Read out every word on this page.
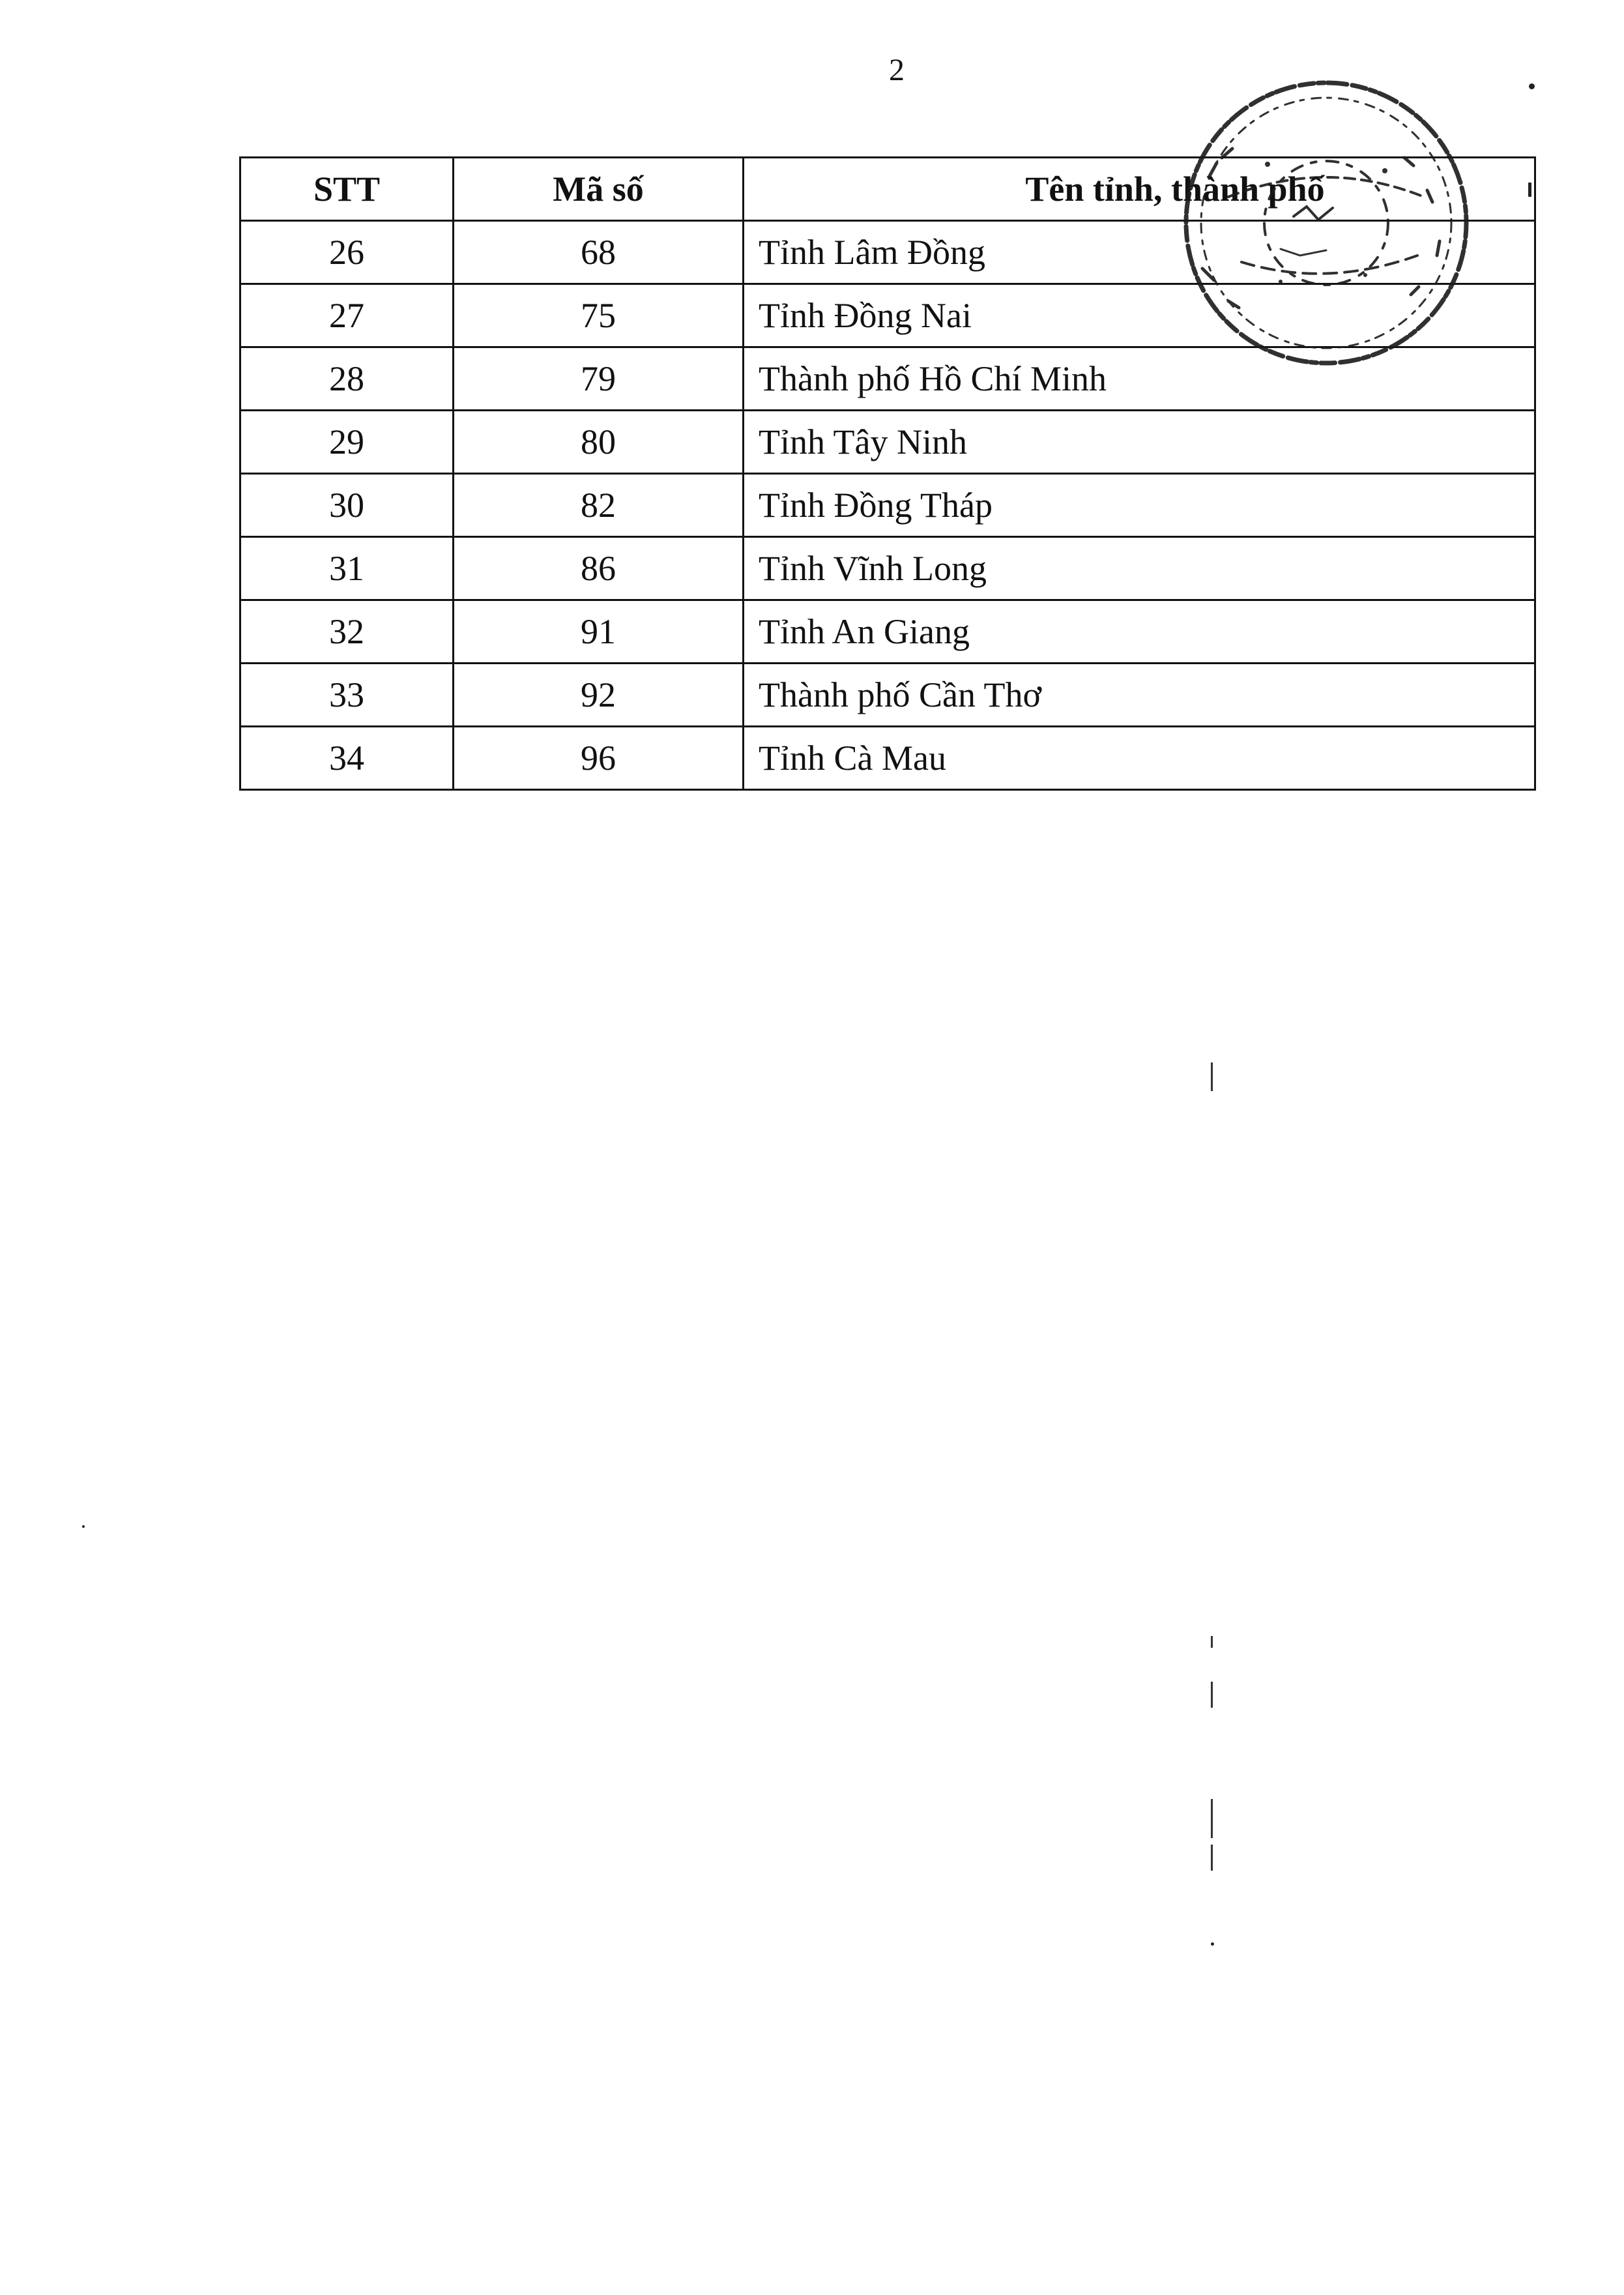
2
STT	Mã số	Tên tỉnh, thành phố
26	68	Tỉnh Lâm Đồng
27	75	Tỉnh Đồng Nai
28	79	Thành phố Hồ Chí Minh
29	80	Tỉnh Tây Ninh
30	82	Tỉnh Đồng Tháp
31	86	Tỉnh Vĩnh Long
32	91	Tỉnh An Giang
33	92	Thành phố Cần Thơ
34	96	Tỉnh Cà Mau
